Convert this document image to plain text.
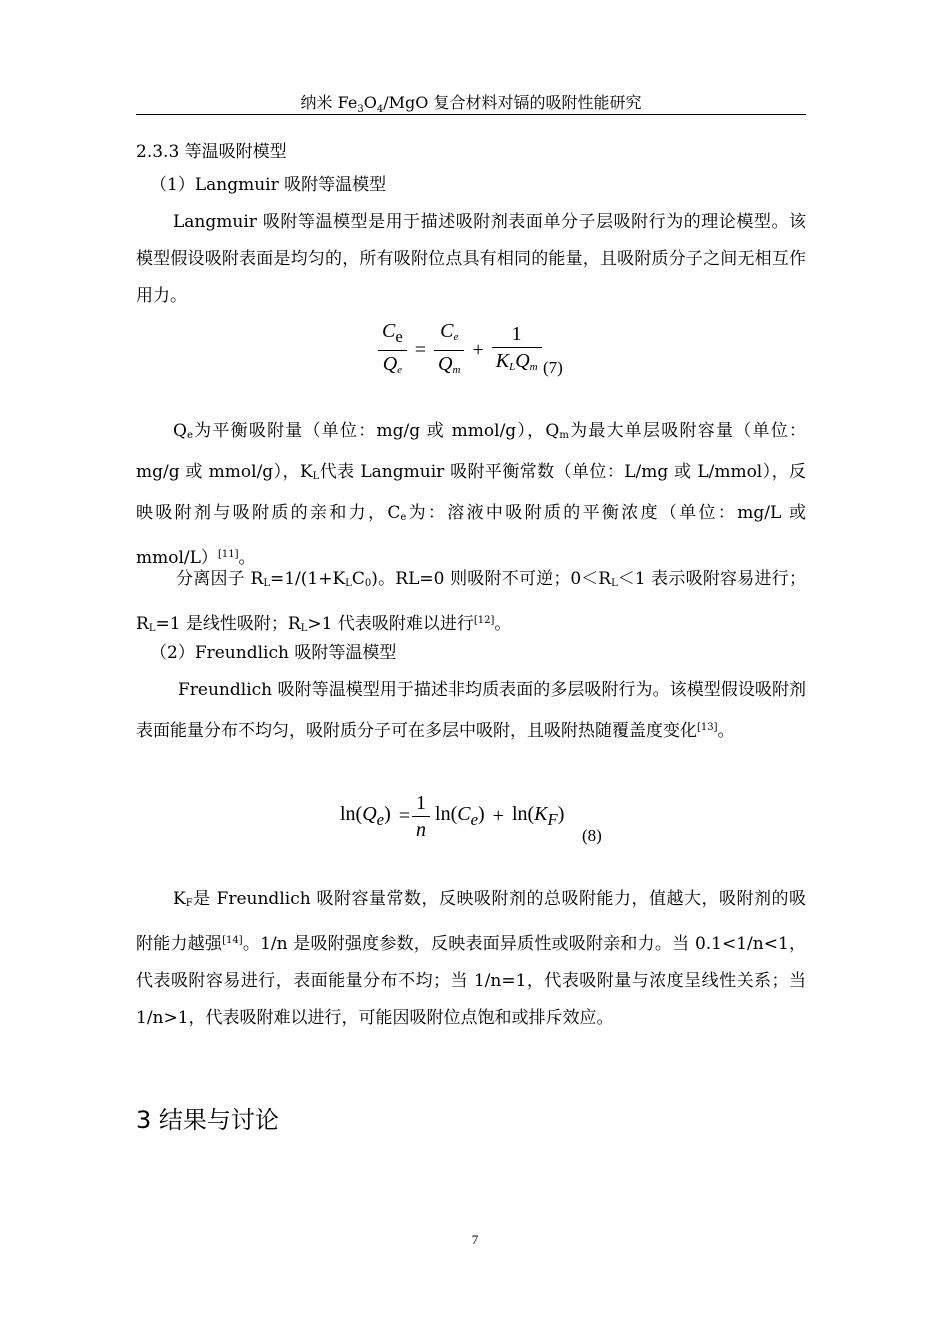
纳米 $Fe_3O_4$/MgO 复合材料对镉的吸附性能研究
2.3.3 等温吸附模型
（1）Langmuir 吸附等温模型

Langmuir 吸附等温模型是用于描述吸附剂表面单分子层吸附行为的理论模型。该模型假设吸附表面是均匀的，所有吸附位点具有相同的能量，且吸附质分子之间无相互作用力。

$\frac{C_e}{Q_e} = \frac{C_e}{Q_m} + \frac{1}{K_LQ_m} (7)$

$Q_e$为平衡吸附量（单位：mg/g 或 mmol/g），$Q_m$为最大单层吸附容量（单位：mg/g 或 mmol/g），$K_L$代表 Langmuir 吸附平衡常数（单位：L/mg 或 L/mmol），反映吸附剂与吸附质的亲和力，$C_e$为：溶液中吸附质的平衡浓度（单位：mg/L 或 mmol/L）[11]。

分离因子 $R_L=1/(1+K_LC_0)$。RL=0 则吸附不可逆；$0<R_L<1$ 表示吸附容易进行；$R_L=1$ 是线性吸附；$R_L>1$ 代表吸附难以进行[12]。

（2）Freundlich 吸附等温模型

Freundlich 吸附等温模型用于描述非均质表面的多层吸附行为。该模型假设吸附剂表面能量分布不均匀，吸附质分子可在多层中吸附，且吸附热随覆盖度变化[13]。

$\ln(Q_e) = \frac{1}{n} \ln(C_e) + \ln(K_F)$
(8)

$K_F$是 Freundlich 吸附容量常数，反映吸附剂的总吸附能力，值越大，吸附剂的吸附能力越强[14]。1/n 是吸附强度参数，反映表面异质性或吸附亲和力。当 0.1<1/n<1，代表吸附容易进行，表面能量分布不均；当 1/n=1，代表吸附量与浓度呈线性关系；当 1/n>1，代表吸附难以进行，可能因吸附位点饱和或排斥效应。

3 结果与讨论
7
